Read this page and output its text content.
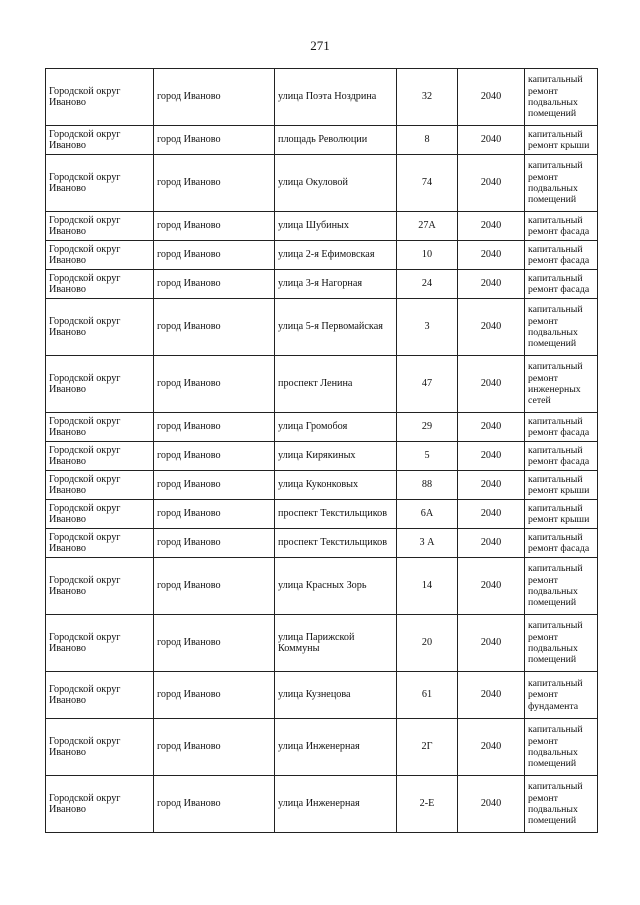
271
Городской округ Иваново	город Иваново	улица Поэта Ноздрина	32	2040	капитальный ремонт подвальных помещений
Городской округ Иваново	город Иваново	площадь Революции	8	2040	капитальный ремонт крыши
Городской округ Иваново	город Иваново	улица Окуловой	74	2040	капитальный ремонт подвальных помещений
Городской округ Иваново	город Иваново	улица Шубиных	27А	2040	капитальный ремонт фасада
Городской округ Иваново	город Иваново	улица 2-я Ефимовская	10	2040	капитальный ремонт фасада
Городской округ Иваново	город Иваново	улица 3-я Нагорная	24	2040	капитальный ремонт фасада
Городской округ Иваново	город Иваново	улица 5-я Первомайская	3	2040	капитальный ремонт подвальных помещений
Городской округ Иваново	город Иваново	проспект Ленина	47	2040	капитальный ремонт инженерных сетей
Городской округ Иваново	город Иваново	улица Громобоя	29	2040	капитальный ремонт фасада
Городской округ Иваново	город Иваново	улица Кирякиных	5	2040	капитальный ремонт фасада
Городской округ Иваново	город Иваново	улица Куконковых	88	2040	капитальный ремонт крыши
Городской округ Иваново	город Иваново	проспект Текстильщиков	6А	2040	капитальный ремонт крыши
Городской округ Иваново	город Иваново	проспект Текстильщиков	3 А	2040	капитальный ремонт фасада
Городской округ Иваново	город Иваново	улица Красных Зорь	14	2040	капитальный ремонт подвальных помещений
Городской округ Иваново	город Иваново	улица Парижской Коммуны	20	2040	капитальный ремонт подвальных помещений
Городской округ Иваново	город Иваново	улица Кузнецова	61	2040	капитальный ремонт фундамента
Городской округ Иваново	город Иваново	улица Инженерная	2Г	2040	капитальный ремонт подвальных помещений
Городской округ Иваново	город Иваново	улица Инженерная	2-Е	2040	капитальный ремонт подвальных помещений
